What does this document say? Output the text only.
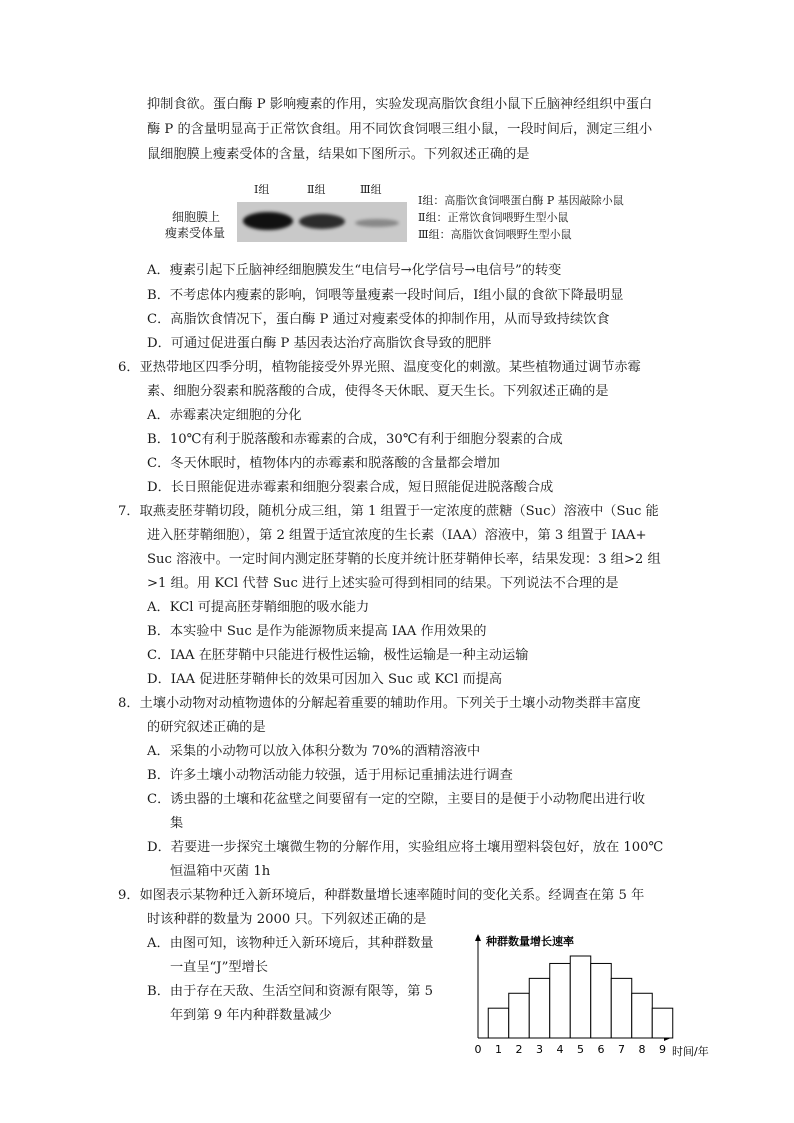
抑制食欲。蛋白酶 P 影响瘦素的作用，实验发现高脂饮食组小鼠下丘脑神经组织中蛋白
酶 P 的含量明显高于正常饮食组。用不同饮食饲喂三组小鼠，一段时间后，测定三组小
鼠细胞膜上瘦素受体的含量，结果如下图所示。下列叙述正确的是
Ⅰ组	Ⅱ组	Ⅲ组
细胞膜上
瘦素受体量
Ⅰ组：高脂饮食饲喂蛋白酶 P 基因敲除小鼠
Ⅱ组：正常饮食饲喂野生型小鼠
Ⅲ组：高脂饮食饲喂野生型小鼠
A．瘦素引起下丘脑神经细胞膜发生“电信号→化学信号→电信号”的转变
B．不考虑体内瘦素的影响，饲喂等量瘦素一段时间后，Ⅰ组小鼠的食欲下降最明显
C．高脂饮食情况下，蛋白酶 P 通过对瘦素受体的抑制作用，从而导致持续饮食
D．可通过促进蛋白酶 P 基因表达治疗高脂饮食导致的肥胖
6．亚热带地区四季分明，植物能接受外界光照、温度变化的刺激。某些植物通过调节赤霉
素、细胞分裂素和脱落酸的合成，使得冬天休眠、夏天生长。下列叙述正确的是
A．赤霉素决定细胞的分化
B．10℃有利于脱落酸和赤霉素的合成，30℃有利于细胞分裂素的合成
C．冬天休眠时，植物体内的赤霉素和脱落酸的含量都会增加
D．长日照能促进赤霉素和细胞分裂素合成，短日照能促进脱落酸合成
7．取燕麦胚芽鞘切段，随机分成三组，第 1 组置于一定浓度的蔗糖（Suc）溶液中（Suc 能
进入胚芽鞘细胞），第 2 组置于适宜浓度的生长素（IAA）溶液中，第 3 组置于 IAA+
Suc 溶液中。一定时间内测定胚芽鞘的长度并统计胚芽鞘伸长率，结果发现：3 组>2 组
>1 组。用 KCl 代替 Suc 进行上述实验可得到相同的结果。下列说法不合理的是
A．KCl 可提高胚芽鞘细胞的吸水能力
B．本实验中 Suc 是作为能源物质来提高 IAA 作用效果的
C．IAA 在胚芽鞘中只能进行极性运输，极性运输是一种主动运输
D．IAA 促进胚芽鞘伸长的效果可因加入 Suc 或 KCl 而提高
8．土壤小动物对动植物遗体的分解起着重要的辅助作用。下列关于土壤小动物类群丰富度
的研究叙述正确的是
A．采集的小动物可以放入体积分数为 70%的酒精溶液中
B．许多土壤小动物活动能力较强，适于用标记重捕法进行调查
C．诱虫器的土壤和花盆壁之间要留有一定的空隙，主要目的是便于小动物爬出进行收
集
D．若要进一步探究土壤微生物的分解作用，实验组应将土壤用塑料袋包好，放在 100℃
恒温箱中灭菌 1h
9．如图表示某物种迁入新环境后，种群数量增长速率随时间的变化关系。经调查在第 5 年
时该种群的数量为 2000 只。下列叙述正确的是
A．由图可知，该物种迁入新环境后，其种群数量
一直呈“J”型增长
B．由于存在天敌、生活空间和资源有限等，第 5
年到第 9 年内种群数量减少
0 1 2 3 4 5 6 7 8 9
种群数量增长速率
时间/年
